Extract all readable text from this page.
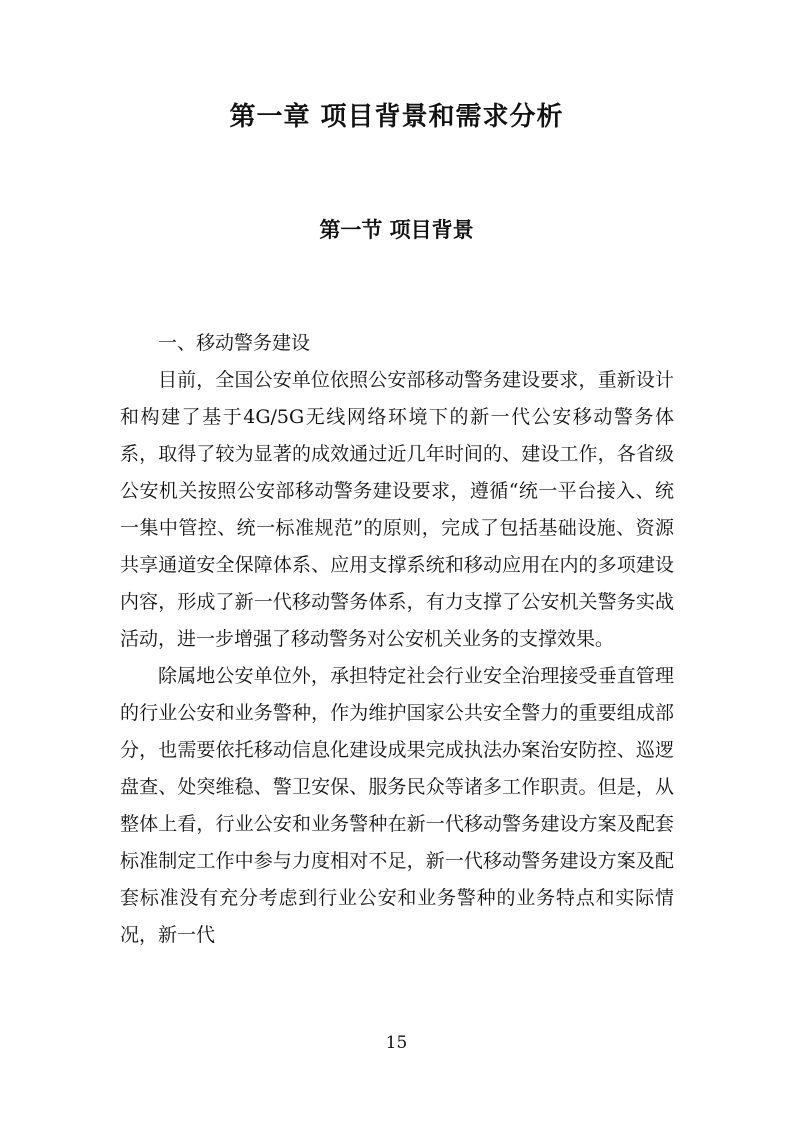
第一章 项目背景和需求分析
第一节 项目背景

一、移动警务建设

目前，全国公安单位依照公安部移动警务建设要求，重新设计和构建了基于4G/5G无线网络环境下的新一代公安移动警务体系，取得了较为显著的成效通过近几年时间的、建设工作，各省级公安机关按照公安部移动警务建设要求，遵循“统一平台接入、统一集中管控、统一标准规范”的原则，完成了包括基础设施、资源共享通道安全保障体系、应用支撑系统和移动应用在内的多项建设内容，形成了新一代移动警务体系，有力支撑了公安机关警务实战活动，进一步增强了移动警务对公安机关业务的支撑效果。

除属地公安单位外，承担特定社会行业安全治理接受垂直管理的行业公安和业务警种，作为维护国家公共安全警力的重要组成部分，也需要依托移动信息化建设成果完成执法办案治安防控、巡逻盘查、处突维稳、警卫安保、服务民众等诸多工作职责。但是，从整体上看，行业公安和业务警种在新一代移动警务建设方案及配套标准制定工作中参与力度相对不足，新一代移动警务建设方案及配套标准没有充分考虑到行业公安和业务警种的业务特点和实际情况，新一代

15
